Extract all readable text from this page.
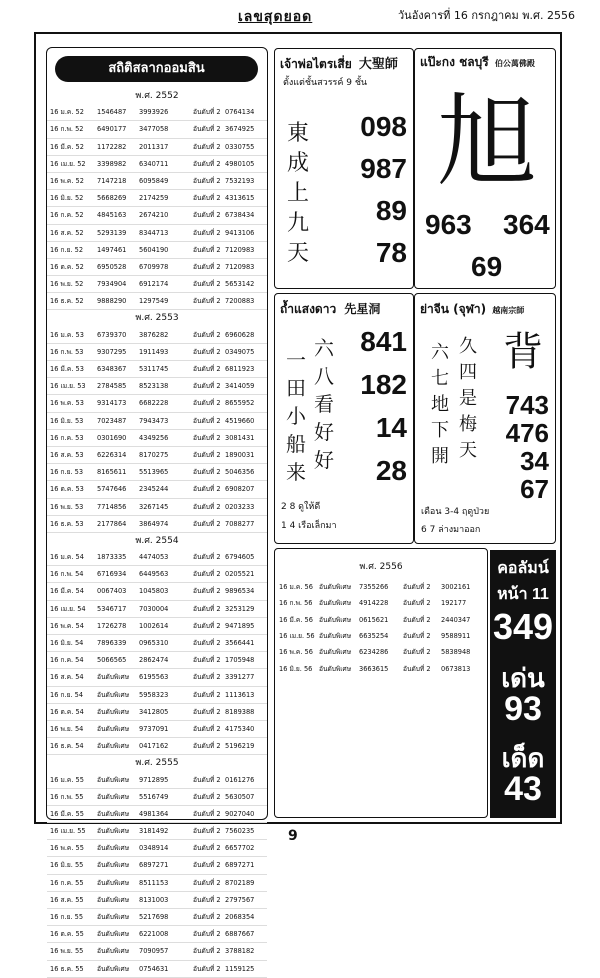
เลขสุดยอด	วันอังคารที่ 16 กรกฎาคม พ.ศ. 2556
สถิติสลากออมสิน
พ.ศ. 2552
16 ม.ค. 52	1546487	3993926	อันดับที่ 2 0764134
16 ก.พ. 52	6490177	3477058	อันดับที่ 2 3674925
16 มี.ค. 52	1172282	2011317	อันดับที่ 2 0330755
16 เม.ย. 52	3398982	6340711	อันดับที่ 2 4980105
16 พ.ค. 52	7147218	6095849	อันดับที่ 2 7532193
16 มิ.ย. 52	5668269	2174259	อันดับที่ 2 4313615
16 ก.ค. 52	4845163	2674210	อันดับที่ 2 6738434
16 ส.ค. 52	5293139	8344713	อันดับที่ 2 9413106
16 ก.ย. 52	1497461	5604190	อันดับที่ 2 7120983
16 ต.ค. 52	6950528	6709978	อันดับที่ 2 7120983
16 พ.ย. 52	7934904	6912174	อันดับที่ 2 5653142
16 ธ.ค. 52	9888290	1297549	อันดับที่ 2 7200883
พ.ศ. 2553
16 ม.ค. 53	6739370	3876282	อันดับที่ 2 6960628
16 ก.พ. 53	9307295	1911493	อันดับที่ 2 0349075
16 มี.ค. 53	6348367	5311745	อันดับที่ 2 6811923
16 เม.ย. 53	2784585	8523138	อันดับที่ 2 3414059
16 พ.ค. 53	9314173	6682228	อันดับที่ 2 8655952
16 มิ.ย. 53	7023487	7943473	อันดับที่ 2 4519660
16 ก.ค. 53	0301690	4349256	อันดับที่ 2 3081431
16 ส.ค. 53	6226314	8170275	อันดับที่ 2 1890031
16 ก.ย. 53	8165611	5513965	อันดับที่ 2 5046356
16 ต.ค. 53	5747646	2345244	อันดับที่ 2 6908207
16 พ.ย. 53	7714856	3267145	อันดับที่ 2 0203233
16 ธ.ค. 53	2177864	3864974	อันดับที่ 2 7088277
พ.ศ. 2554
16 ม.ค. 54	1873335	4474053	อันดับที่ 2 6794605
16 ก.พ. 54	6716934	6449563	อันดับที่ 2 0205521
16 มี.ค. 54	0067403	1045803	อันดับที่ 2 9896534
16 เม.ย. 54	5346717	7030004	อันดับที่ 2 3253129
16 พ.ค. 54	1726278	1002614	อันดับที่ 2 9471895
16 มิ.ย. 54	7896339	0965310	อันดับที่ 2 3566441
16 ก.ค. 54	5066565	2862474	อันดับที่ 2 1705948
16 ส.ค. 54	อันดับพิเศษ	6195563	อันดับที่ 2 3391277
16 ก.ย. 54	อันดับพิเศษ	5958323	อันดับที่ 2 1113613
16 ต.ค. 54	อันดับพิเศษ	3412805	อันดับที่ 2 8189388
16 พ.ย. 54	อันดับพิเศษ	9737091	อันดับที่ 2 4175340
16 ธ.ค. 54	อันดับพิเศษ	0417162	อันดับที่ 2 5196219
พ.ศ. 2555
16 ม.ค. 55	อันดับพิเศษ	9712895	อันดับที่ 2 0161276
16 ก.พ. 55	อันดับพิเศษ	5516749	อันดับที่ 2 5630507
16 มี.ค. 55	อันดับพิเศษ	4981364	อันดับที่ 2 9027040
16 เม.ย. 55	อันดับพิเศษ	3181492	อันดับที่ 2 7560235
16 พ.ค. 55	อันดับพิเศษ	0348914	อันดับที่ 2 6657702
16 มิ.ย. 55	อันดับพิเศษ	6897271	อันดับที่ 2 6897271
16 ก.ค. 55	อันดับพิเศษ	8511153	อันดับที่ 2 8702189
16 ส.ค. 55	อันดับพิเศษ	8131003	อันดับที่ 2 2797567
16 ก.ย. 55	อันดับพิเศษ	5217698	อันดับที่ 2 2068354
16 ต.ค. 55	อันดับพิเศษ	6221008	อันดับที่ 2 6887667
16 พ.ย. 55	อันดับพิเศษ	7090957	อันดับที่ 2 3788182
16 ธ.ค. 55	อันดับพิเศษ	0754631	อันดับที่ 2 1159125
เจ้าพ่อไตรเสี่ย 大聖師
ตั้งแต่ชั้นสวรรค์ 9 ชั้น
東
成
上
九
天
098
987
89
78
แป๊ะกง ชลบุรี 伯公萬佛殿
旭
963 364
69
ถ้ำแสงดาว 先星洞
一
田
小
船
来
六
八
看
好
好
841
182
14
28
2 8 ดูให้ดี
1 4 เรือเล็กมา
ย่าจีน (จุฬา) 越南宗師
六
七
地
下
開
久
四
是
梅
天
背
743
476
34
67
เดือน 3-4 ฤดูป่วย
6 7 ล่างมาออก
พ.ศ. 2556
16 ม.ค. 56 อันดับพิเศษ 7355266 อันดับที่ 2 3002161
16 ก.พ. 56 อันดับพิเศษ 4914228 อันดับที่ 2 192177
16 มี.ค. 56 อันดับพิเศษ 0615621 อันดับที่ 2 2440347
16 เม.ย. 56 อันดับพิเศษ 6635254 อันดับที่ 2 9588911
16 พ.ค. 56 อันดับพิเศษ 6234286 อันดับที่ 2 5838948
16 มิ.ย. 56 อันดับพิเศษ 3663615 อันดับที่ 2 0673813
คอลัมน์
หน้า 11
349
เด่น
93
เด็ด
43
9
